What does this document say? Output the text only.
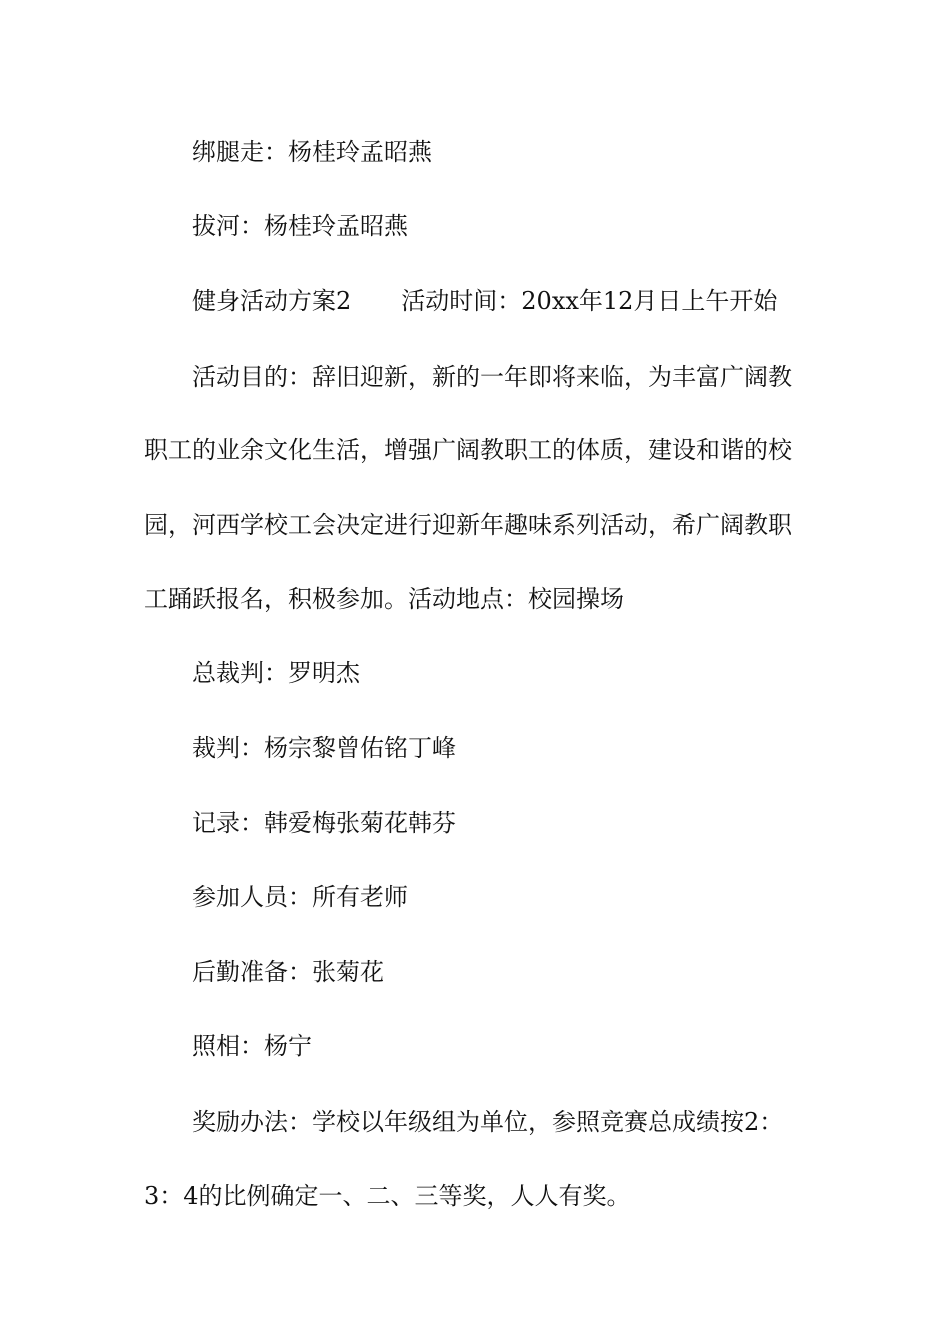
绑腿走：杨桂玲孟昭燕
拔河：杨桂玲孟昭燕
健身活动方案2 活动时间：20xx年12月日上午开始
活动目的：辞旧迎新，新的一年即将来临，为丰富广阔教
职工的业余文化生活，增强广阔教职工的体质，建设和谐的校
园，河西学校工会决定进行迎新年趣味系列活动，希广阔教职
工踊跃报名，积极参加。活动地点：校园操场
总裁判：罗明杰
裁判：杨宗黎曾佑铭丁峰
记录：韩爱梅张菊花韩芬
参加人员：所有老师
后勤准备：张菊花
照相：杨宁
奖励办法：学校以年级组为单位，参照竞赛总成绩按2：
3：4的比例确定一、二、三等奖，人人有奖。
